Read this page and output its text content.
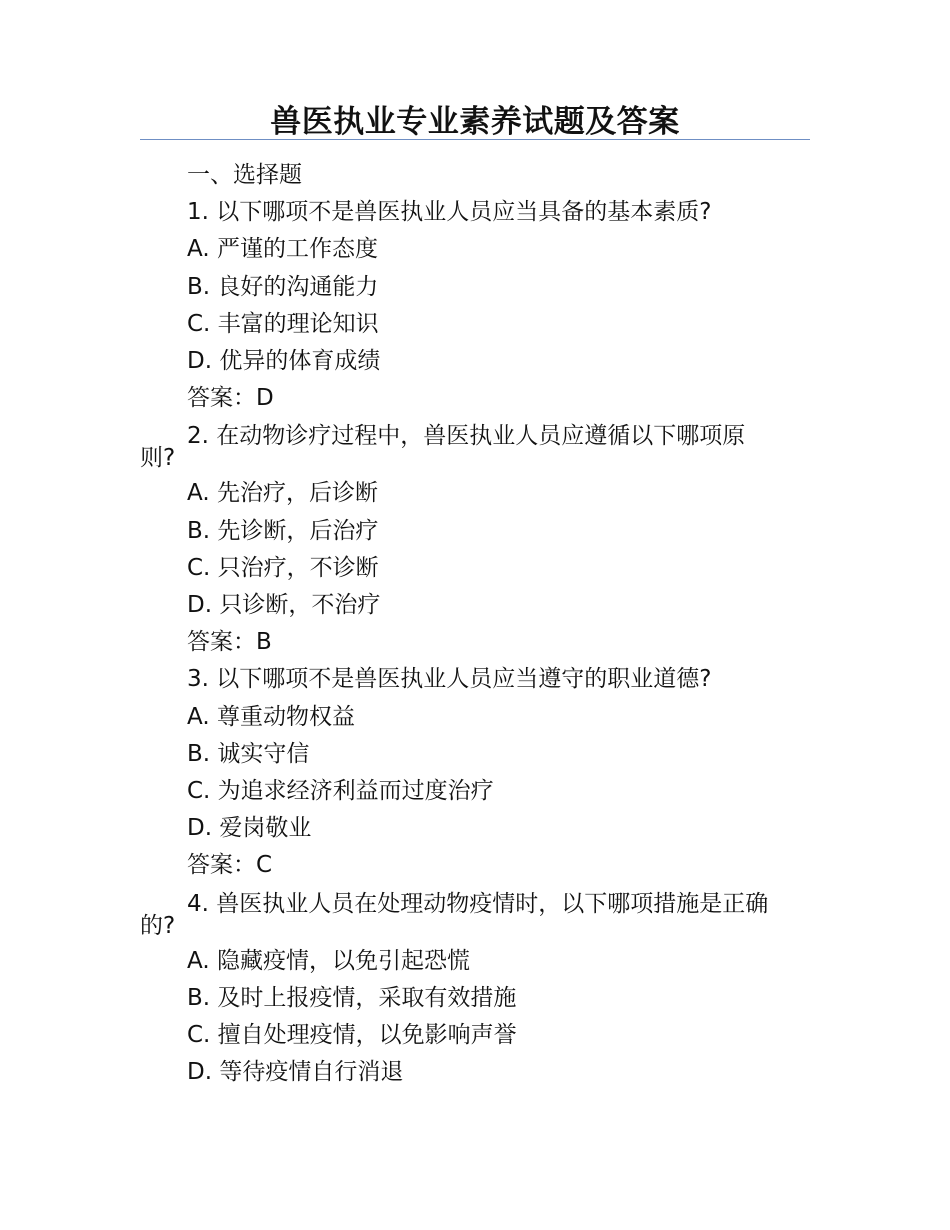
兽医执业专业素养试题及答案

一、选择题

1. 以下哪项不是兽医执业人员应当具备的基本素质?

A. 严谨的工作态度

B. 良好的沟通能力

C. 丰富的理论知识

D. 优异的体育成绩

答案：D

2. 在动物诊疗过程中，兽医执业人员应遵循以下哪项原
则?

A. 先治疗，后诊断

B. 先诊断，后治疗

C. 只治疗，不诊断

D. 只诊断，不治疗

答案：B

3. 以下哪项不是兽医执业人员应当遵守的职业道德?

A. 尊重动物权益

B. 诚实守信

C. 为追求经济利益而过度治疗

D. 爱岗敬业

答案：C

4. 兽医执业人员在处理动物疫情时，以下哪项措施是正确
的?

A. 隐藏疫情，以免引起恐慌

B. 及时上报疫情，采取有效措施

C. 擅自处理疫情，以免影响声誉

D. 等待疫情自行消退
